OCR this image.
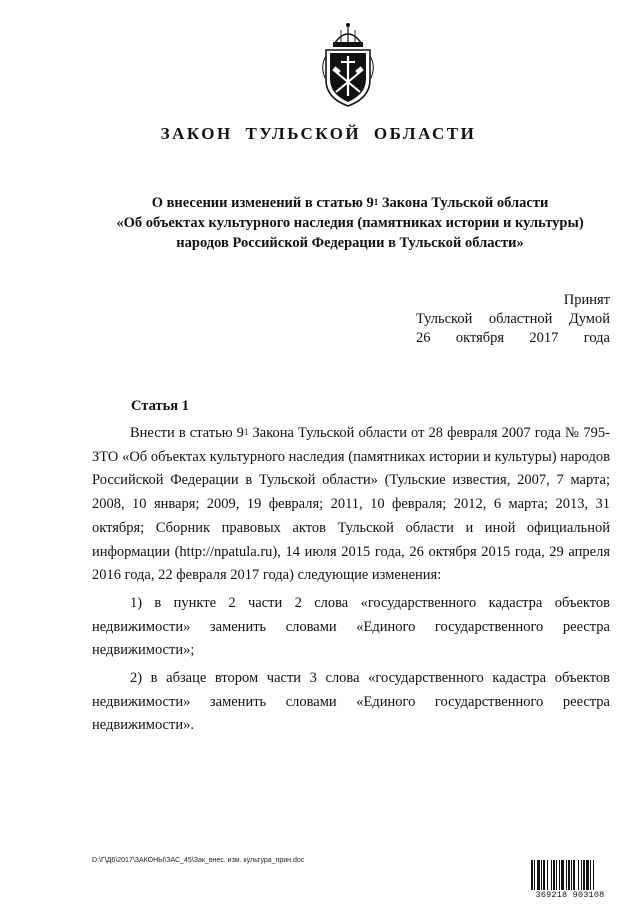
ЗАКОН ТУЛЬСКОЙ ОБЛАСТИ
О внесении изменений в статью $9^1$ Закона Тульской области
«Об объектах культурного наследия (памятниках истории и культуры)
народов Российской Федерации в Тульской области»
Принят
Тульской областной Думой
26 октября 2017 года
Статья 1

Внести в статью $9^1$ Закона Тульской области от 28 февраля 2007 года № 795-ЗТО «Об объектах культурного наследия (памятниках истории и культуры) народов Российской Федерации в Тульской области» (Тульские известия, 2007, 7 марта; 2008, 10 января; 2009, 19 февраля; 2011, 10 февраля; 2012, 6 марта; 2013, 31 октября; Сборник правовых актов Тульской области и иной официальной информации (http://npatula.ru), 14 июля 2015 года, 26 октября 2015 года, 29 апреля 2016 года, 22 февраля 2017 года) следующие изменения:

1) в пункте 2 части 2 слова «государственного кадастра объектов недвижимости» заменить словами «Единого государственного реестра недвижимости»;

2) в абзаце втором части 3 слова «государственного кадастра объектов недвижимости» заменить словами «Единого государственного реестра недвижимости».

D:\Г\Д6\2017\ЗАКОНЫ\ЗАС_45\Зак_внес. изм. культура_прин.doc
369218 903108
